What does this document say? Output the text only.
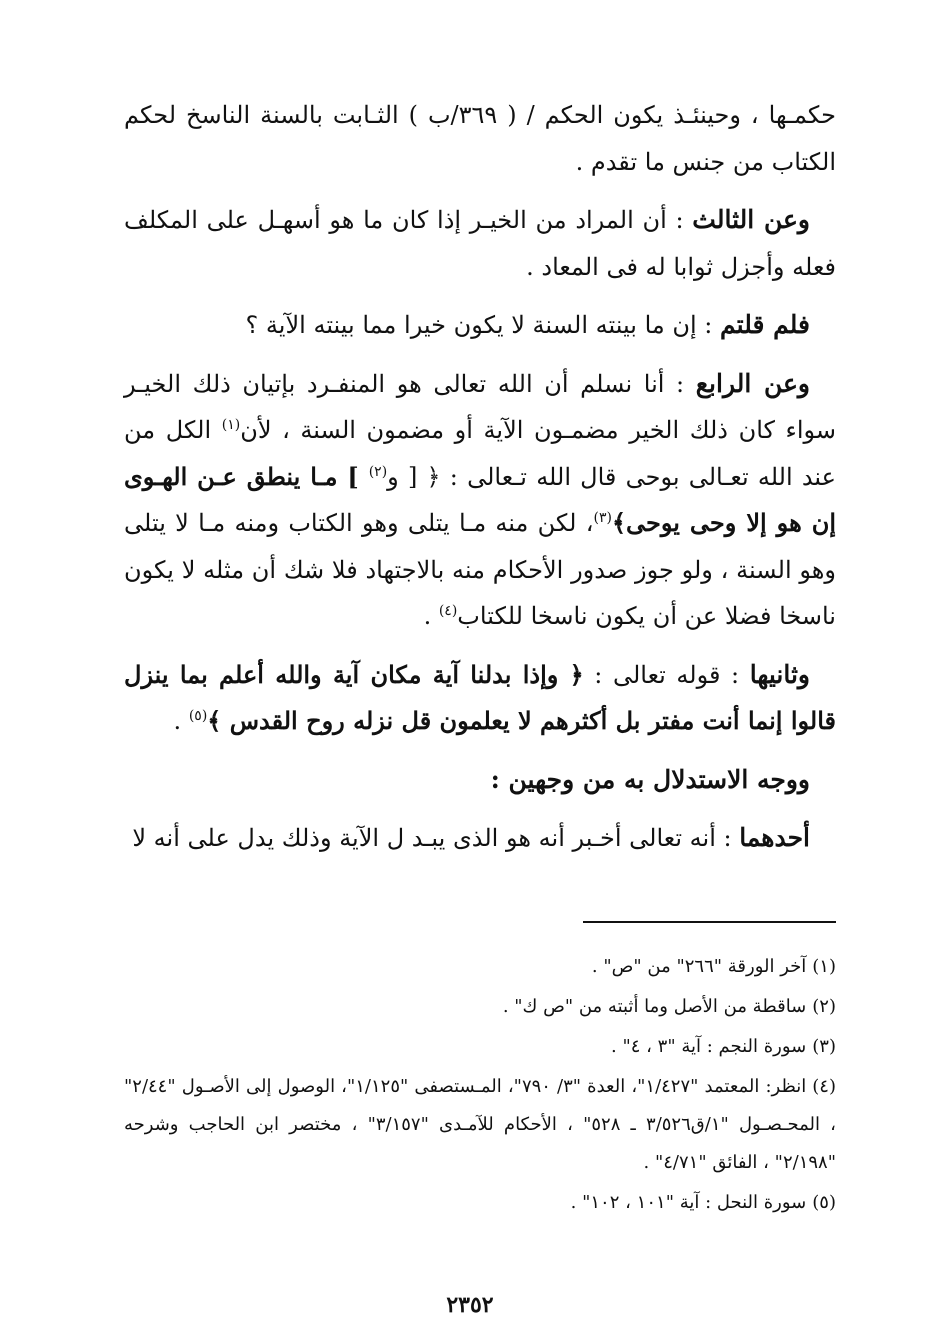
حكمـها ، وحينئـذ يكون الحكم / ( ٣٦٩/ب ) الثـابت بالسنة الناسخ لحكم الكتاب من جنس ما تقدم .

وعن الثالث : أن المراد من الخيـر إذا كان ما هو أسهـل على المكلف فعله وأجزل ثوابا له فى المعاد .

فلم قلتم : إن ما بينته السنة لا يكون خيرا مما بينته الآية ؟

وعن الرابع : أنا نسلم أن الله تعالى هو المنفـرد بإتيان ذلك الخيـر سواء كان ذلك الخير مضمـون الآية أو مضمون السنة ، لأن$^{(١)}$ الكل من عند الله تعـالى بوحى قال الله تـعالى : ﴿ [ و$^{(٢)}$ ] مـا ينطق عـن الهـوى إن هو إلا وحى يوحى﴾$^{(٣)}$، لكن منه مـا يتلى وهو الكتاب ومنه مـا لا يتلى وهو السنة ، ولو جوز صدور الأحكام منه بالاجتهاد فلا شك أن مثله لا يكون ناسخا فضلا عن أن يكون ناسخا للكتاب$^{(٤)}$ .

وثانيها : قوله تعالى : ﴿ وإذا بدلنا آية مكان آية والله أعلم بما ينزل قالوا إنما أنت مفتر بل أكثرهم لا يعلمون قل نزله روح القدس ﴾$^{(٥)}$ .

ووجه الاستدلال به من وجهين :

أحدهما : أنه تعالى أخـبر أنه هو الذى يبـد ل الآية وذلك يدل على أنه لا

(١)آخر الورقة "٢٦٦" من "ص" .

(٢)ساقطة من الأصل وما أثبته من "ص ك" .

(٣)سورة النجم : آية "٣ ، ٤" .

(٤)انظر: المعتمد "١/٤٢٧"، العدة "٣/ ٧٩٠"، المـستصفى "١/١٢٥"، الوصول إلى الأصـول "٢/٤٤" ، المحـصـول "١/ق٣/٥٢٦ ـ ٥٢٨" ، الأحكام للآمـدى "٣/١٥٧" ، مختصر ابن الحاجب وشرحه "٢/١٩٨" ، الفائق "٤/٧١" .

(٥)سورة النحل : آية "١٠١ ، ١٠٢" .

٢٣٥٢
